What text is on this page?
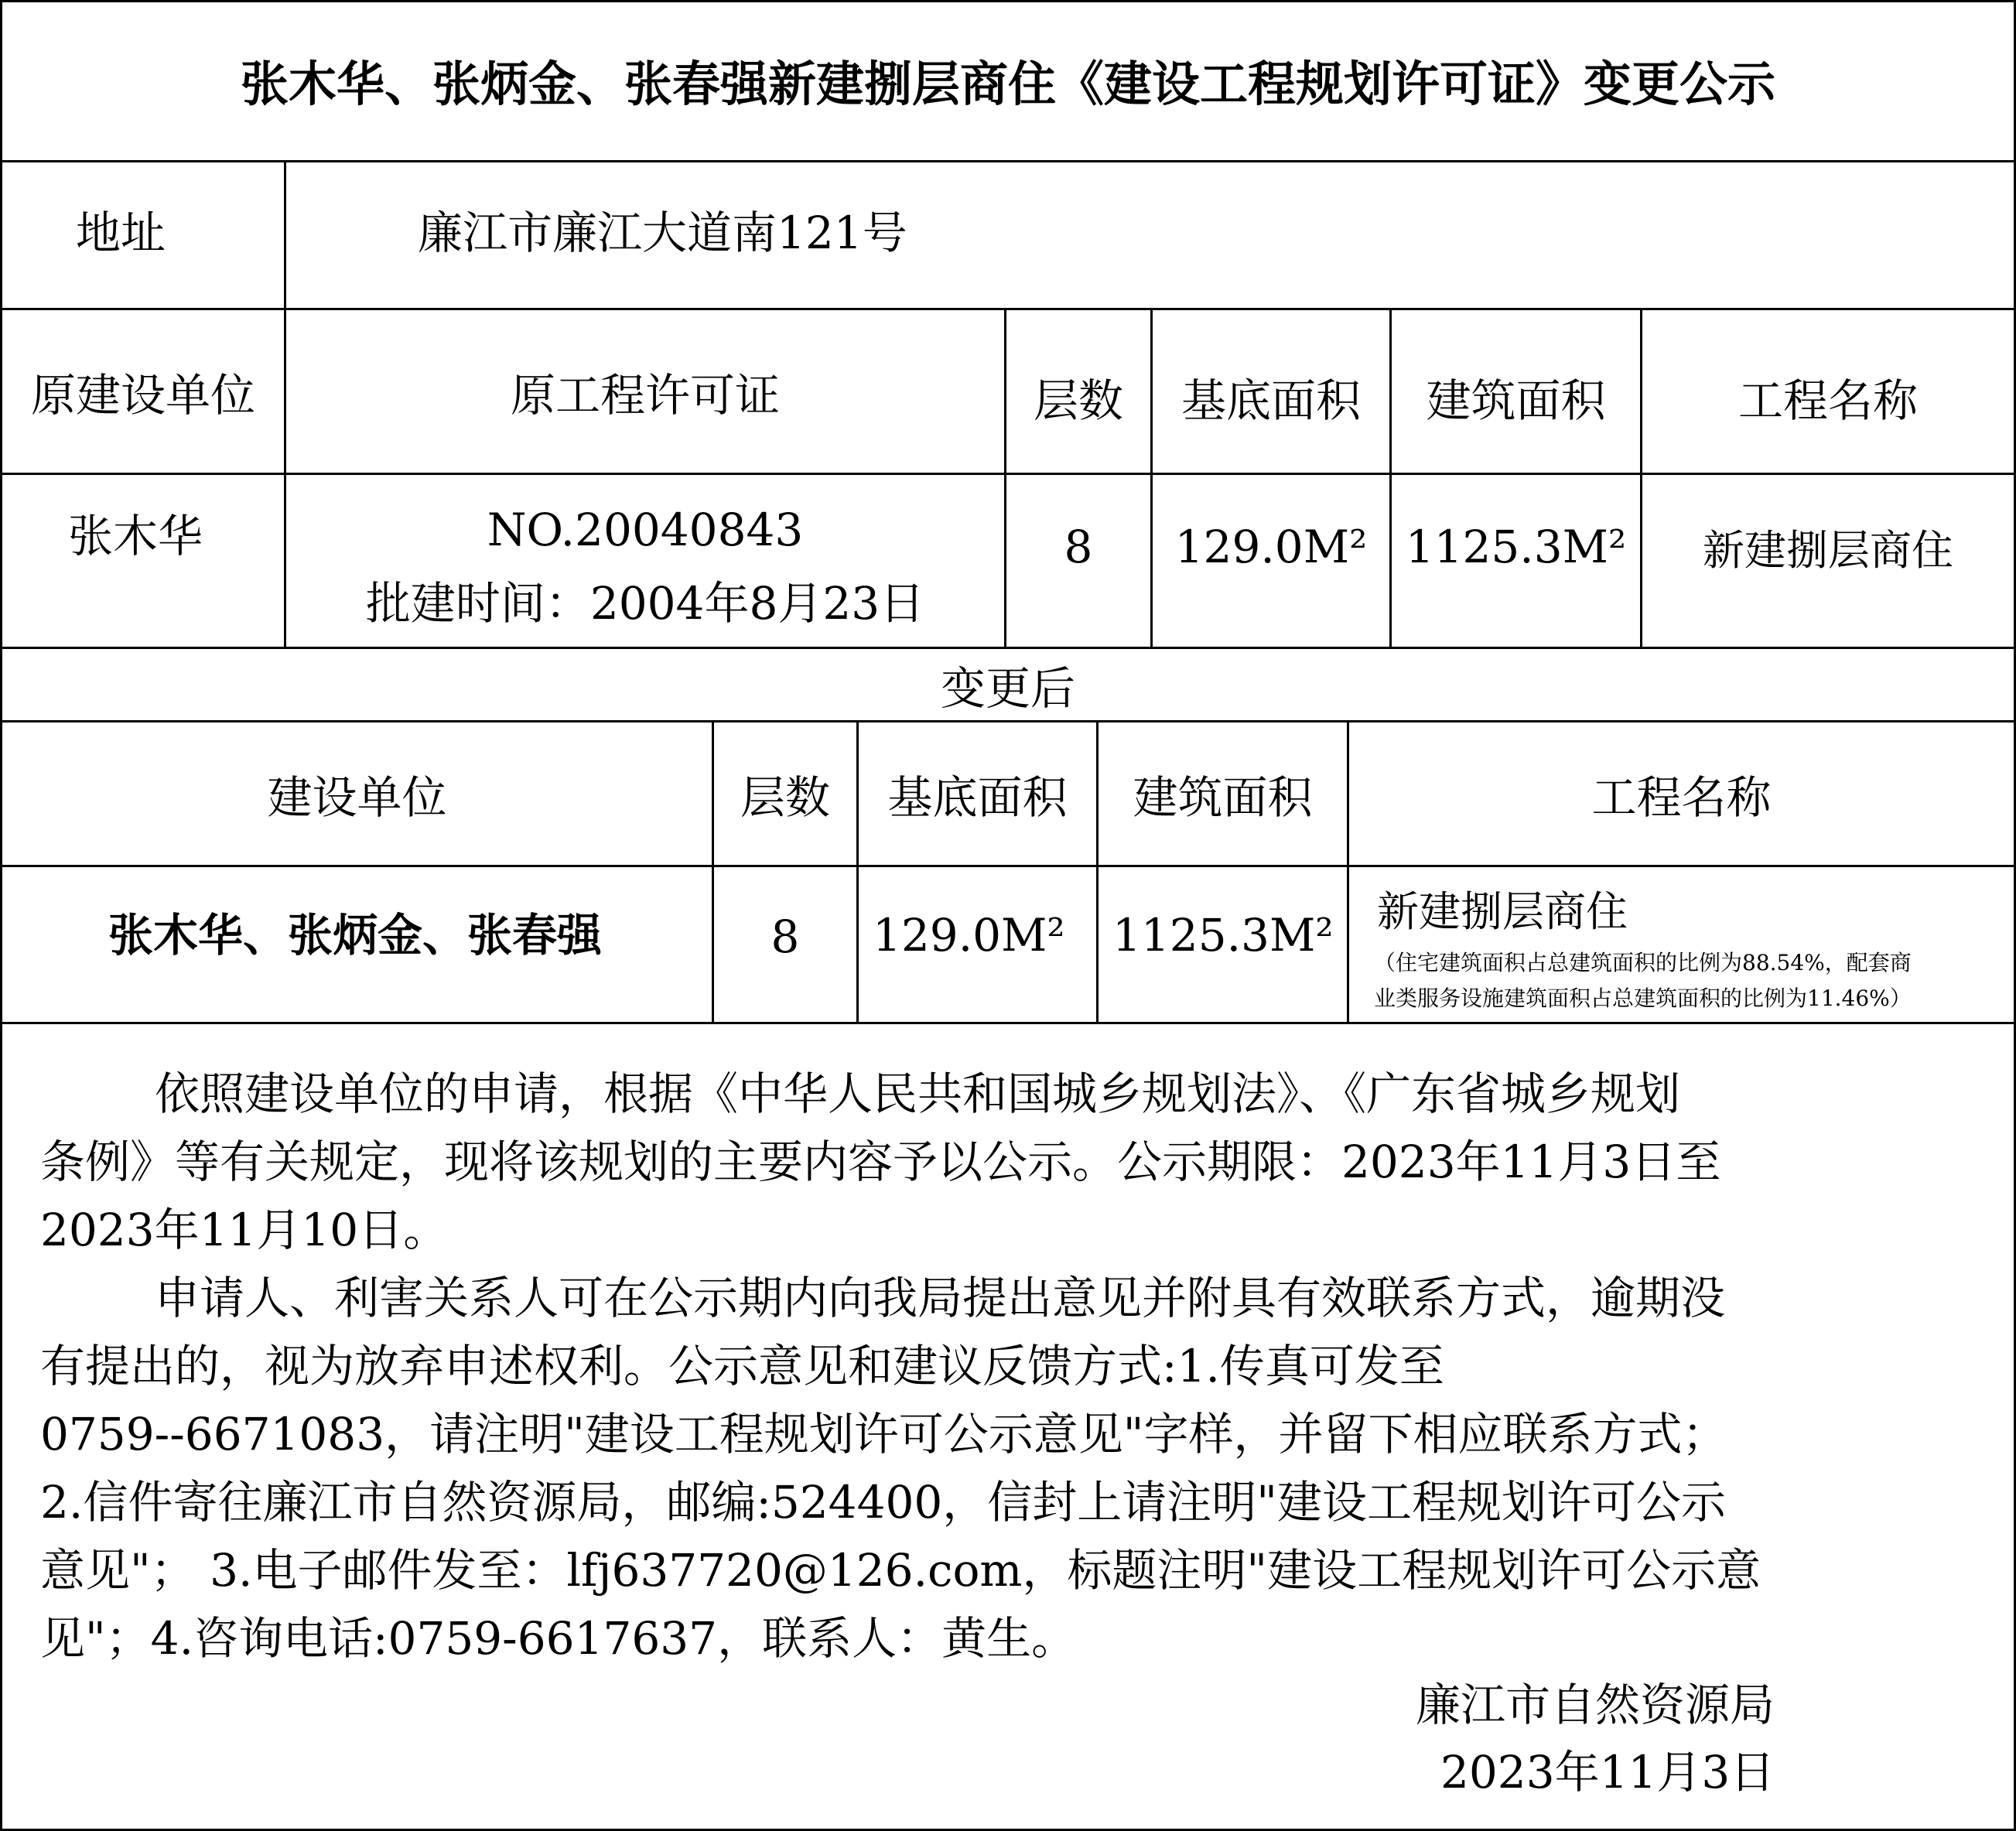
张木华、张炳金、张春强新建捌层商住《建设工程规划许可证》变更公示
地址	廉江市廉江大道南121号
原建设单位	原工程许可证	层数	基底面积	建筑面积	工程名称
张木华	NO.20040843
批建时间：2004年8月23日
8	129.0M² 1125.3M²	新建捌层商住
变更后
建设单位	层数	基底面积	建筑面积	工程名称
张木华、张炳金、张春强	8	129.0M² 1125.3M² 新建捌层商住
（住宅建筑面积占总建筑面积的比例为88.54%，配套商
业类服务设施建筑面积占总建筑面积的比例为11.46%）
依照建设单位的申请，根据《中华人民共和国城乡规划法》、《广东省城乡规划
条例》等有关规定，现将该规划的主要内容予以公示。公示期限：2023年11月3日至
2023年11月10日。
申请人、利害关系人可在公示期内向我局提出意见并附具有效联系方式，逾期没
有提出的，视为放弃申述权利。公示意见和建议反馈方式:1.传真可发至
0759--6671083，请注明"建设工程规划许可公示意见"字样，并留下相应联系方式；
2.信件寄往廉江市自然资源局，邮编:524400，信封上请注明"建设工程规划许可公示
意见"； 3.电子邮件发至：lfj637720@126.com，标题注明"建设工程规划许可公示意
见"；4.咨询电话:0759-6617637，联系人：黄生。
廉江市自然资源局
2023年11月3日
